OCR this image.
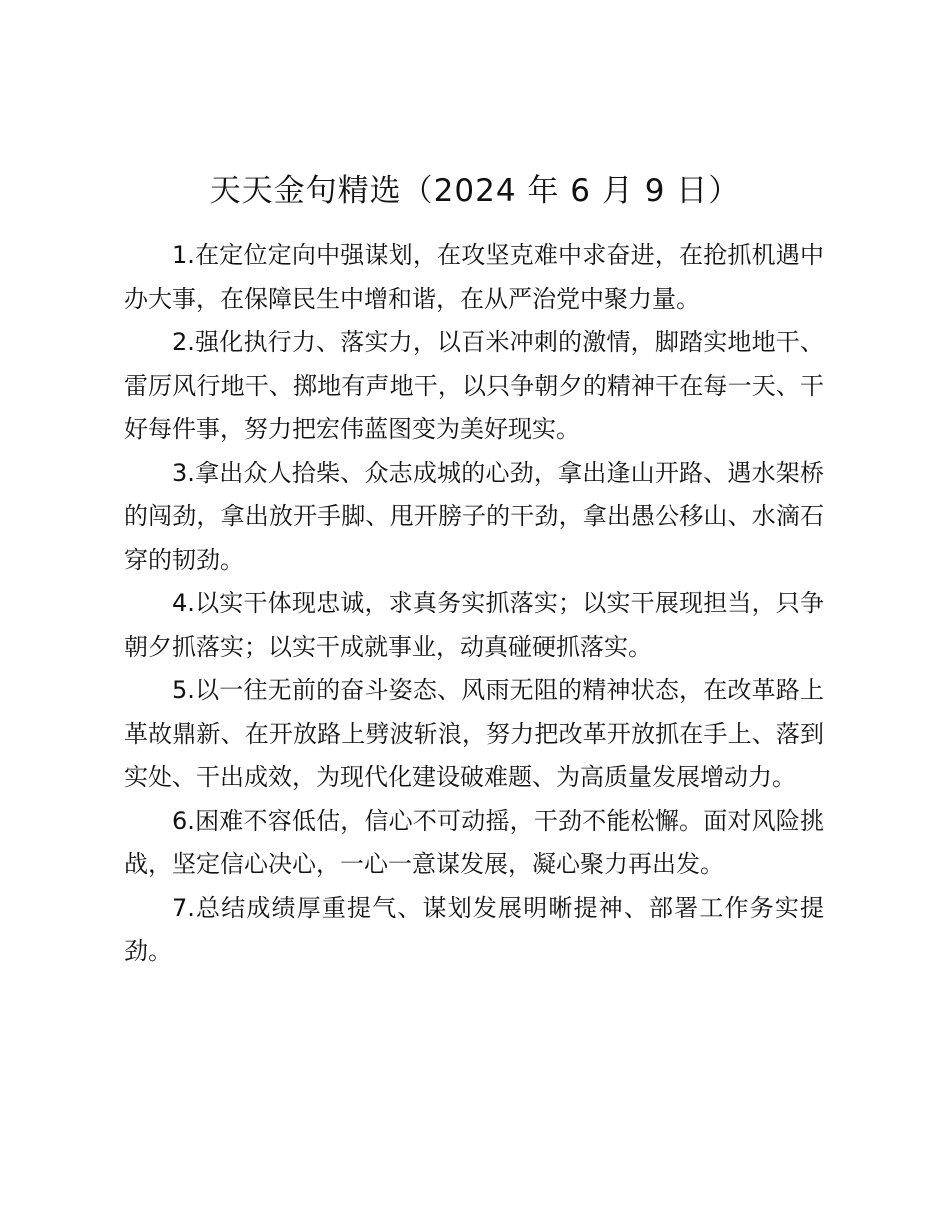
天天金句精选（2024 年 6 月 9 日）

1.在定位定向中强谋划，在攻坚克难中求奋进，在抢抓机遇中办大事，在保障民生中增和谐，在从严治党中聚力量。

2.强化执行力、落实力，以百米冲刺的激情，脚踏实地地干、雷厉风行地干、掷地有声地干，以只争朝夕的精神干在每一天、干好每件事，努力把宏伟蓝图变为美好现实。

3.拿出众人拾柴、众志成城的心劲，拿出逢山开路、遇水架桥的闯劲，拿出放开手脚、甩开膀子的干劲，拿出愚公移山、水滴石穿的韧劲。

4.以实干体现忠诚，求真务实抓落实；以实干展现担当，只争朝夕抓落实；以实干成就事业，动真碰硬抓落实。

5.以一往无前的奋斗姿态、风雨无阻的精神状态，在改革路上革故鼎新、在开放路上劈波斩浪，努力把改革开放抓在手上、落到实处、干出成效，为现代化建设破难题、为高质量发展增动力。

6.困难不容低估，信心不可动摇，干劲不能松懈。面对风险挑战，坚定信心决心，一心一意谋发展，凝心聚力再出发。

7.总结成绩厚重提气、谋划发展明晰提神、部署工作务实提劲。
